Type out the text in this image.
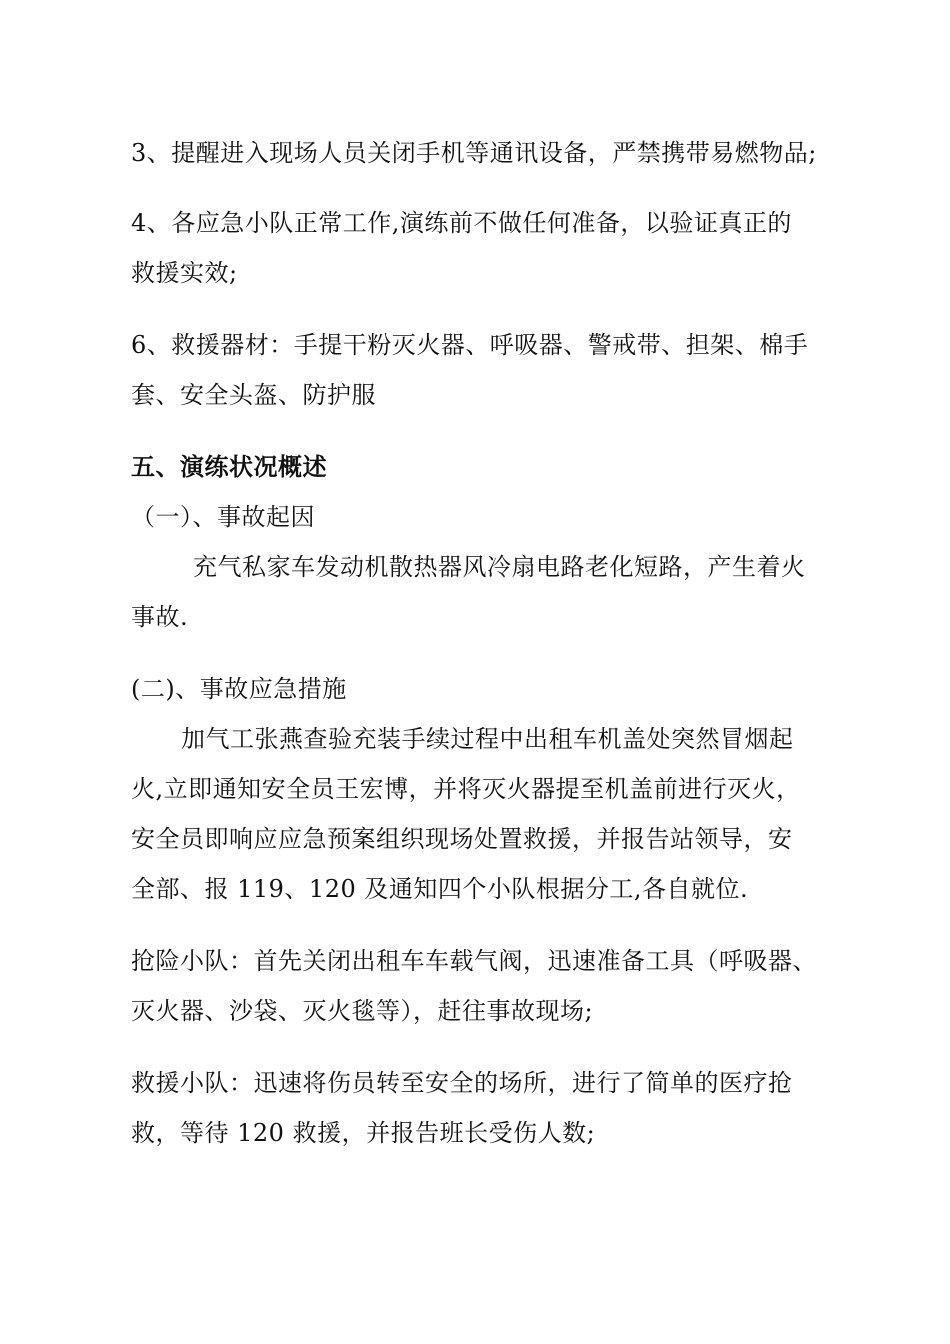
3、提醒进入现场人员关闭手机等通讯设备，严禁携带易燃物品;
4、各应急小队正常工作,演练前不做任何准备，以验证真正的
救援实效;
6、救援器材：手提干粉灭火器、呼吸器、警戒带、担架、棉手
套、安全头盔、防护服
五、演练状况概述
（一）、事故起因
充气私家车发动机散热器风冷扇电路老化短路，产生着火
事故.
(二)、事故应急措施
加气工张燕查验充装手续过程中出租车机盖处突然冒烟起
火,立即通知安全员王宏博，并将灭火器提至机盖前进行灭火，
安全员即响应应急预案组织现场处置救援，并报告站领导，安
全部、报 119、120 及通知四个小队根据分工,各自就位.
抢险小队：首先关闭出租车车载气阀，迅速准备工具（呼吸器、
灭火器、沙袋、灭火毯等），赶往事故现场;
救援小队：迅速将伤员转至安全的场所，进行了简单的医疗抢
救，等待 120 救援，并报告班长受伤人数;
